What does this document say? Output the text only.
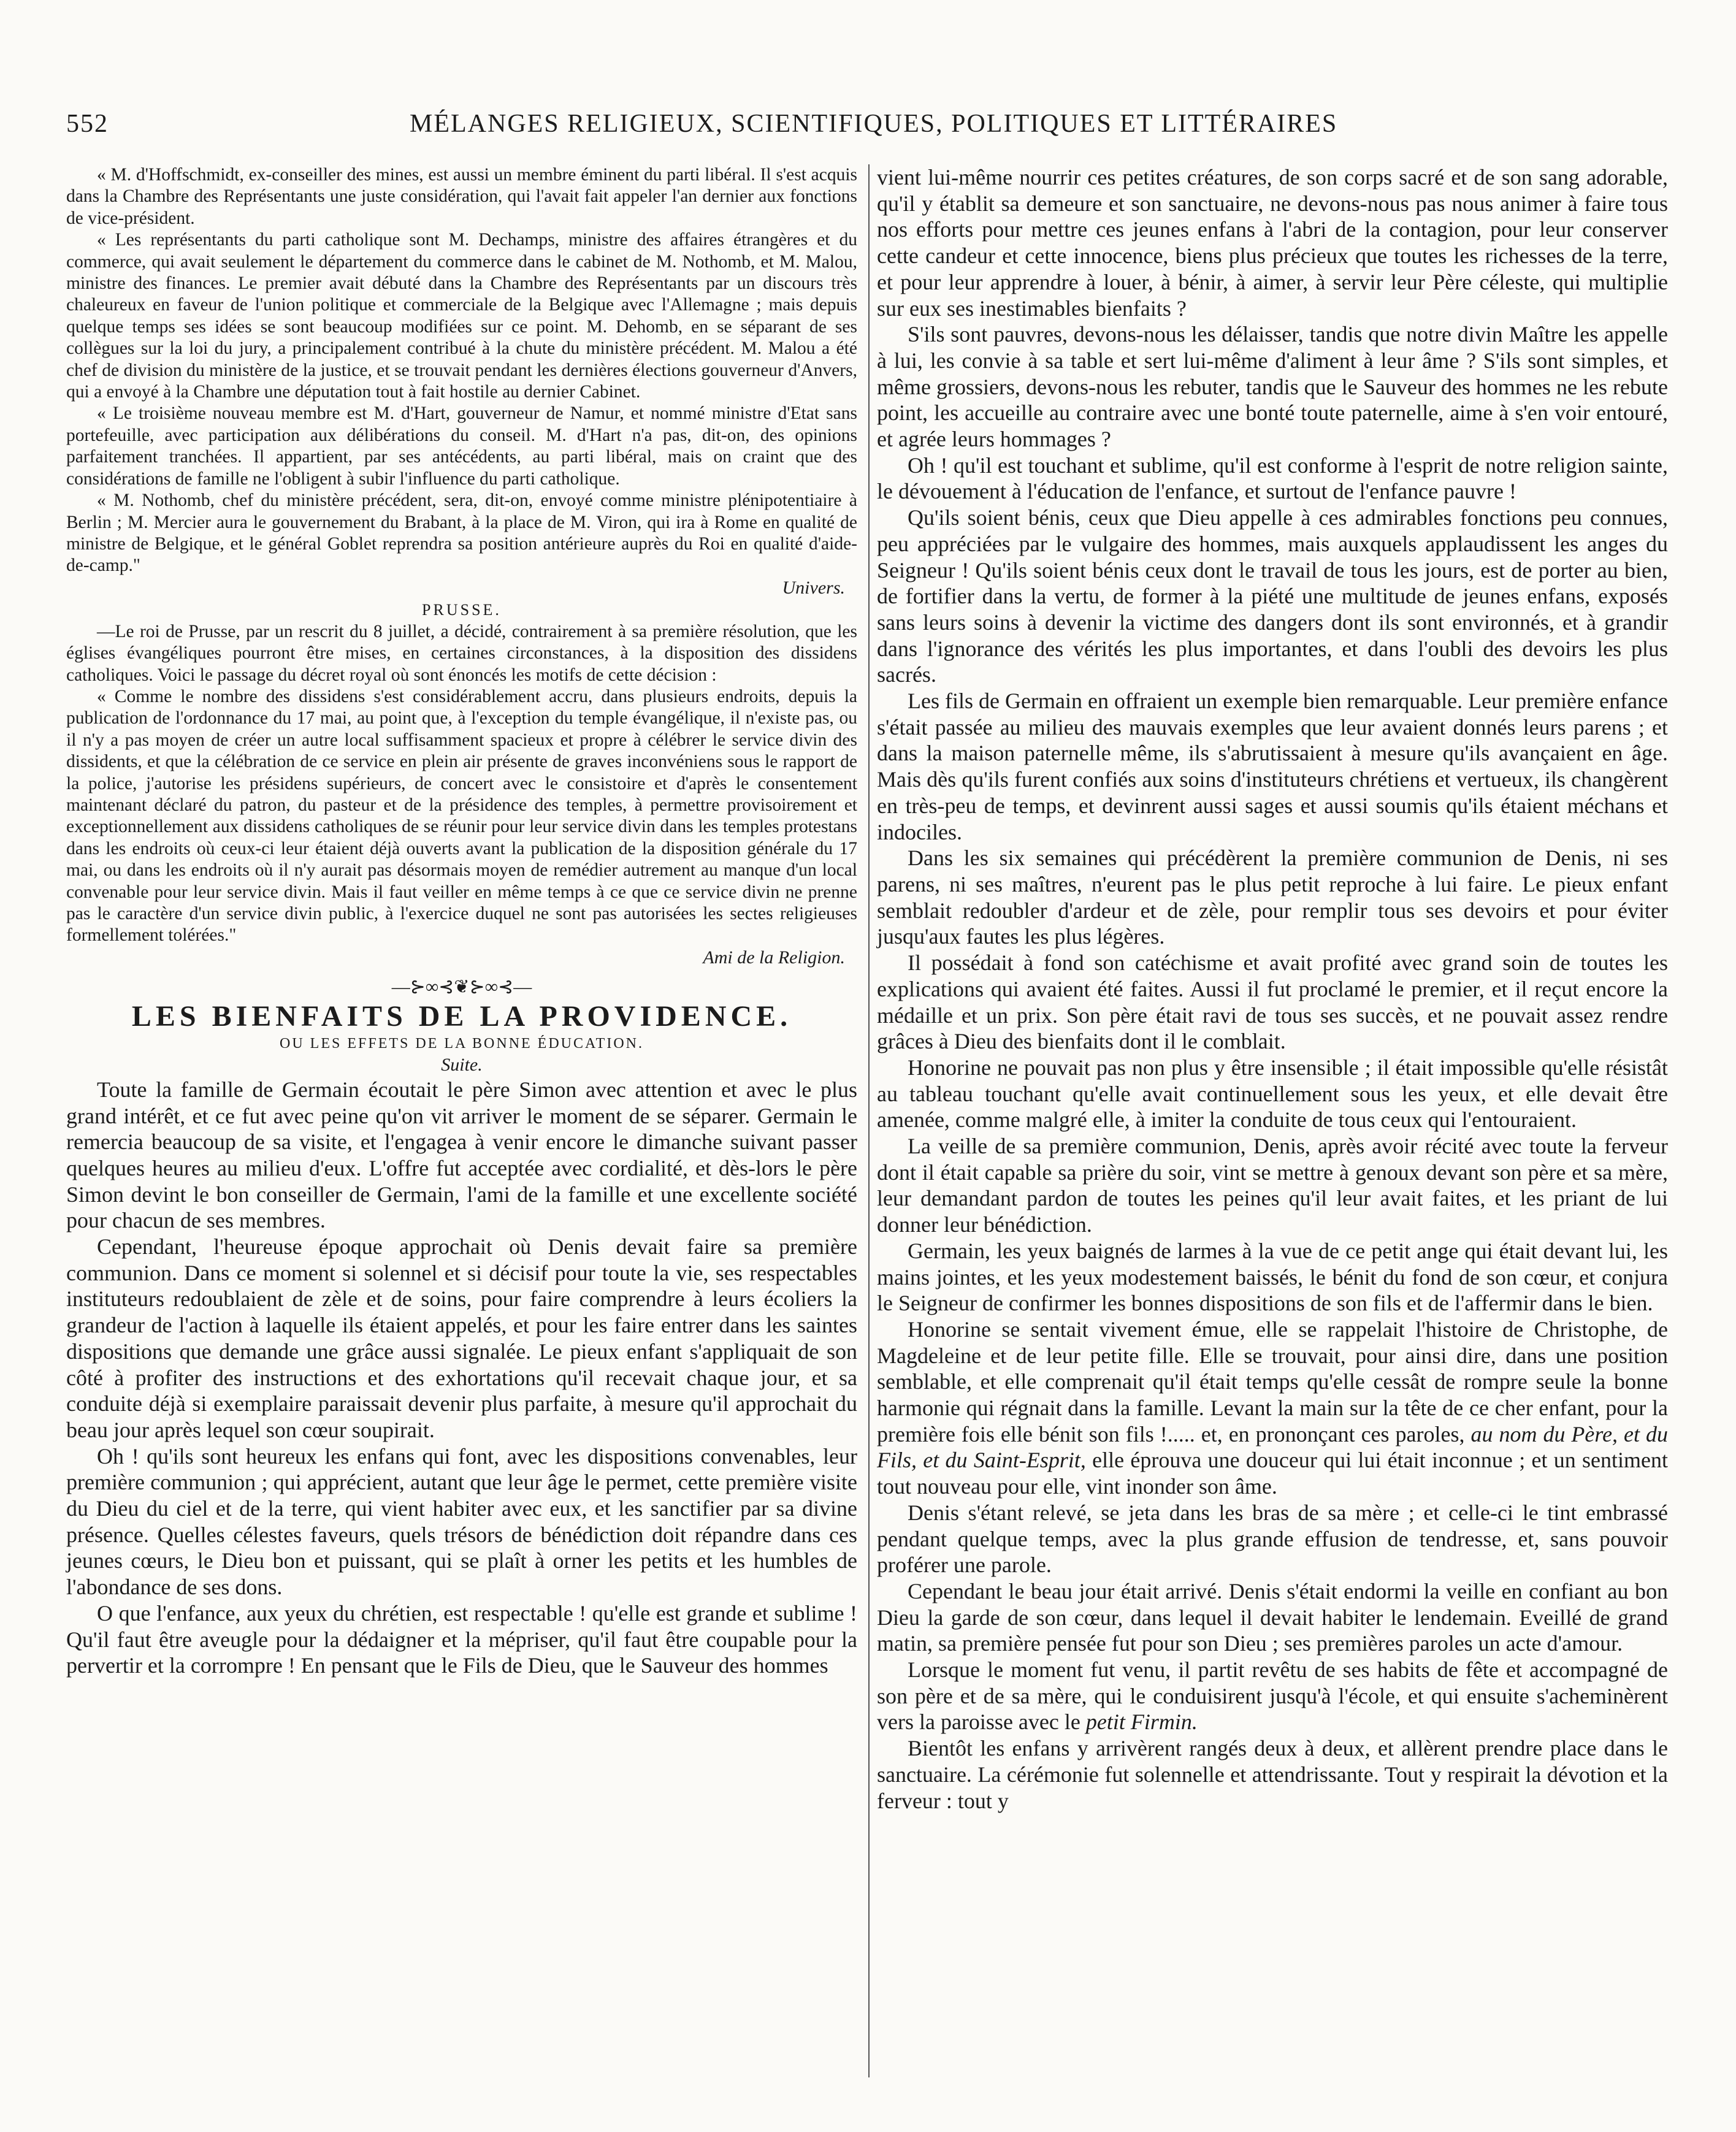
552	MÉLANGES RELIGIEUX, SCIENTIFIQUES, POLITIQUES ET LITTÉRAIRES

« M. d'Hoffschmidt, ex-conseiller des mines, est aussi un membre éminent du parti libéral. Il s'est acquis dans la Chambre des Représentants une juste considération, qui l'avait fait appeler l'an dernier aux fonctions de vice-président.

« Les représentants du parti catholique sont M. Dechamps, ministre des affaires étrangères et du commerce, qui avait seulement le département du commerce dans le cabinet de M. Nothomb, et M. Malou, ministre des finances. Le premier avait débuté dans la Chambre des Représentants par un discours très chaleureux en faveur de l'union politique et commerciale de la Belgique avec l'Allemagne ; mais depuis quelque temps ses idées se sont beaucoup modifiées sur ce point. M. Dehomb, en se séparant de ses collègues sur la loi du jury, a principalement contribué à la chute du ministère précédent. M. Malou a été chef de division du ministère de la justice, et se trouvait pendant les dernières élections gouverneur d'Anvers, qui a envoyé à la Chambre une députation tout à fait hostile au dernier Cabinet.

« Le troisième nouveau membre est M. d'Hart, gouverneur de Namur, et nommé ministre d'Etat sans portefeuille, avec participation aux délibérations du conseil. M. d'Hart n'a pas, dit-on, des opinions parfaitement tranchées. Il appartient, par ses antécédents, au parti libéral, mais on craint que des considérations de famille ne l'obligent à subir l'influence du parti catholique.

« M. Nothomb, chef du ministère précédent, sera, dit-on, envoyé comme ministre plénipotentiaire à Berlin ; M. Mercier aura le gouvernement du Brabant, à la place de M. Viron, qui ira à Rome en qualité de ministre de Belgique, et le général Goblet reprendra sa position antérieure auprès du Roi en qualité d'aide-de-camp."

Univers.
PRUSSE.

—Le roi de Prusse, par un rescrit du 8 juillet, a décidé, contrairement à sa première résolution, que les églises évangéliques pourront être mises, en certaines circonstances, à la disposition des dissidens catholiques. Voici le passage du décret royal où sont énoncés les motifs de cette décision :

« Comme le nombre des dissidens s'est considérablement accru, dans plusieurs endroits, depuis la publication de l'ordonnance du 17 mai, au point que, à l'exception du temple évangélique, il n'existe pas, ou il n'y a pas moyen de créer un autre local suffisamment spacieux et propre à célébrer le service divin des dissidents, et que la célébration de ce service en plein air présente de graves inconvéniens sous le rapport de la police, j'autorise les présidens supérieurs, de concert avec le consistoire et d'après le consentement maintenant déclaré du patron, du pasteur et de la présidence des temples, à permettre provisoirement et exceptionnellement aux dissidens catholiques de se réunir pour leur service divin dans les temples protestans dans les endroits où ceux-ci leur étaient déjà ouverts avant la publication de la disposition générale du 17 mai, ou dans les endroits où il n'y aurait pas désormais moyen de remédier autrement au manque d'un local convenable pour leur service divin. Mais il faut veiller en même temps à ce que ce service divin ne prenne pas le caractère d'un service divin public, à l'exercice duquel ne sont pas autorisées les sectes religieuses formellement tolérées."

Ami de la Religion.
—⊱∞⊰❦⊱∞⊰—
LES BIENFAITS DE LA PROVIDENCE.
OU LES EFFETS DE LA BONNE ÉDUCATION.
Suite.

Toute la famille de Germain écoutait le père Simon avec attention et avec le plus grand intérêt, et ce fut avec peine qu'on vit arriver le moment de se séparer. Germain le remercia beaucoup de sa visite, et l'engagea à venir encore le dimanche suivant passer quelques heures au milieu d'eux. L'offre fut acceptée avec cordialité, et dès-lors le père Simon devint le bon conseiller de Germain, l'ami de la famille et une excellente société pour chacun de ses membres.

Cependant, l'heureuse époque approchait où Denis devait faire sa première communion. Dans ce moment si solennel et si décisif pour toute la vie, ses respectables instituteurs redoublaient de zèle et de soins, pour faire comprendre à leurs écoliers la grandeur de l'action à laquelle ils étaient appelés, et pour les faire entrer dans les saintes dispositions que demande une grâce aussi signalée. Le pieux enfant s'appliquait de son côté à profiter des instructions et des exhortations qu'il recevait chaque jour, et sa conduite déjà si exemplaire paraissait devenir plus parfaite, à mesure qu'il approchait du beau jour après lequel son cœur soupirait.

Oh ! qu'ils sont heureux les enfans qui font, avec les dispositions convenables, leur première communion ; qui apprécient, autant que leur âge le permet, cette première visite du Dieu du ciel et de la terre, qui vient habiter avec eux, et les sanctifier par sa divine présence. Quelles célestes faveurs, quels trésors de bénédiction doit répandre dans ces jeunes cœurs, le Dieu bon et puissant, qui se plaît à orner les petits et les humbles de l'abondance de ses dons.

O que l'enfance, aux yeux du chrétien, est respectable ! qu'elle est grande et sublime ! Qu'il faut être aveugle pour la dédaigner et la mépriser, qu'il faut être coupable pour la pervertir et la corrompre ! En pensant que le Fils de Dieu, que le Sauveur des hommes

vient lui-même nourrir ces petites créatures, de son corps sacré et de son sang adorable, qu'il y établit sa demeure et son sanctuaire, ne devons-nous pas nous animer à faire tous nos efforts pour mettre ces jeunes enfans à l'abri de la contagion, pour leur conserver cette candeur et cette innocence, biens plus précieux que toutes les richesses de la terre, et pour leur apprendre à louer, à bénir, à aimer, à servir leur Père céleste, qui multiplie sur eux ses inestimables bienfaits ?

S'ils sont pauvres, devons-nous les délaisser, tandis que notre divin Maître les appelle à lui, les convie à sa table et sert lui-même d'aliment à leur âme ? S'ils sont simples, et même grossiers, devons-nous les rebuter, tandis que le Sauveur des hommes ne les rebute point, les accueille au contraire avec une bonté toute paternelle, aime à s'en voir entouré, et agrée leurs hommages ?

Oh ! qu'il est touchant et sublime, qu'il est conforme à l'esprit de notre religion sainte, le dévouement à l'éducation de l'enfance, et surtout de l'enfance pauvre !

Qu'ils soient bénis, ceux que Dieu appelle à ces admirables fonctions peu connues, peu appréciées par le vulgaire des hommes, mais auxquels applaudissent les anges du Seigneur ! Qu'ils soient bénis ceux dont le travail de tous les jours, est de porter au bien, de fortifier dans la vertu, de former à la piété une multitude de jeunes enfans, exposés sans leurs soins à devenir la victime des dangers dont ils sont environnés, et à grandir dans l'ignorance des vérités les plus importantes, et dans l'oubli des devoirs les plus sacrés.

Les fils de Germain en offraient un exemple bien remarquable. Leur première enfance s'était passée au milieu des mauvais exemples que leur avaient donnés leurs parens ; et dans la maison paternelle même, ils s'abrutissaient à mesure qu'ils avançaient en âge. Mais dès qu'ils furent confiés aux soins d'instituteurs chrétiens et vertueux, ils changèrent en très-peu de temps, et devinrent aussi sages et aussi soumis qu'ils étaient méchans et indociles.

Dans les six semaines qui précédèrent la première communion de Denis, ni ses parens, ni ses maîtres, n'eurent pas le plus petit reproche à lui faire. Le pieux enfant semblait redoubler d'ardeur et de zèle, pour remplir tous ses devoirs et pour éviter jusqu'aux fautes les plus légères.

Il possédait à fond son catéchisme et avait profité avec grand soin de toutes les explications qui avaient été faites. Aussi il fut proclamé le premier, et il reçut encore la médaille et un prix. Son père était ravi de tous ses succès, et ne pouvait assez rendre grâces à Dieu des bienfaits dont il le comblait.

Honorine ne pouvait pas non plus y être insensible ; il était impossible qu'elle résistât au tableau touchant qu'elle avait continuellement sous les yeux, et elle devait être amenée, comme malgré elle, à imiter la conduite de tous ceux qui l'entouraient.

La veille de sa première communion, Denis, après avoir récité avec toute la ferveur dont il était capable sa prière du soir, vint se mettre à genoux devant son père et sa mère, leur demandant pardon de toutes les peines qu'il leur avait faites, et les priant de lui donner leur bénédiction.

Germain, les yeux baignés de larmes à la vue de ce petit ange qui était devant lui, les mains jointes, et les yeux modestement baissés, le bénit du fond de son cœur, et conjura le Seigneur de confirmer les bonnes dispositions de son fils et de l'affermir dans le bien.

Honorine se sentait vivement émue, elle se rappelait l'histoire de Christophe, de Magdeleine et de leur petite fille. Elle se trouvait, pour ainsi dire, dans une position semblable, et elle comprenait qu'il était temps qu'elle cessât de rompre seule la bonne harmonie qui régnait dans la famille. Levant la main sur la tête de ce cher enfant, pour la première fois elle bénit son fils !..... et, en prononçant ces paroles, au nom du Père, et du Fils, et du Saint-Esprit, elle éprouva une douceur qui lui était inconnue ; et un sentiment tout nouveau pour elle, vint inonder son âme.

Denis s'étant relevé, se jeta dans les bras de sa mère ; et celle-ci le tint embrassé pendant quelque temps, avec la plus grande effusion de tendresse, et, sans pouvoir proférer une parole.

Cependant le beau jour était arrivé. Denis s'était endormi la veille en confiant au bon Dieu la garde de son cœur, dans lequel il devait habiter le lendemain. Eveillé de grand matin, sa première pensée fut pour son Dieu ; ses premières paroles un acte d'amour.

Lorsque le moment fut venu, il partit revêtu de ses habits de fête et accompagné de son père et de sa mère, qui le conduisirent jusqu'à l'école, et qui ensuite s'acheminèrent vers la paroisse avec le petit Firmin.

Bientôt les enfans y arrivèrent rangés deux à deux, et allèrent prendre place dans le sanctuaire. La cérémonie fut solennelle et attendrissante. Tout y respirait la dévotion et la ferveur : tout y
